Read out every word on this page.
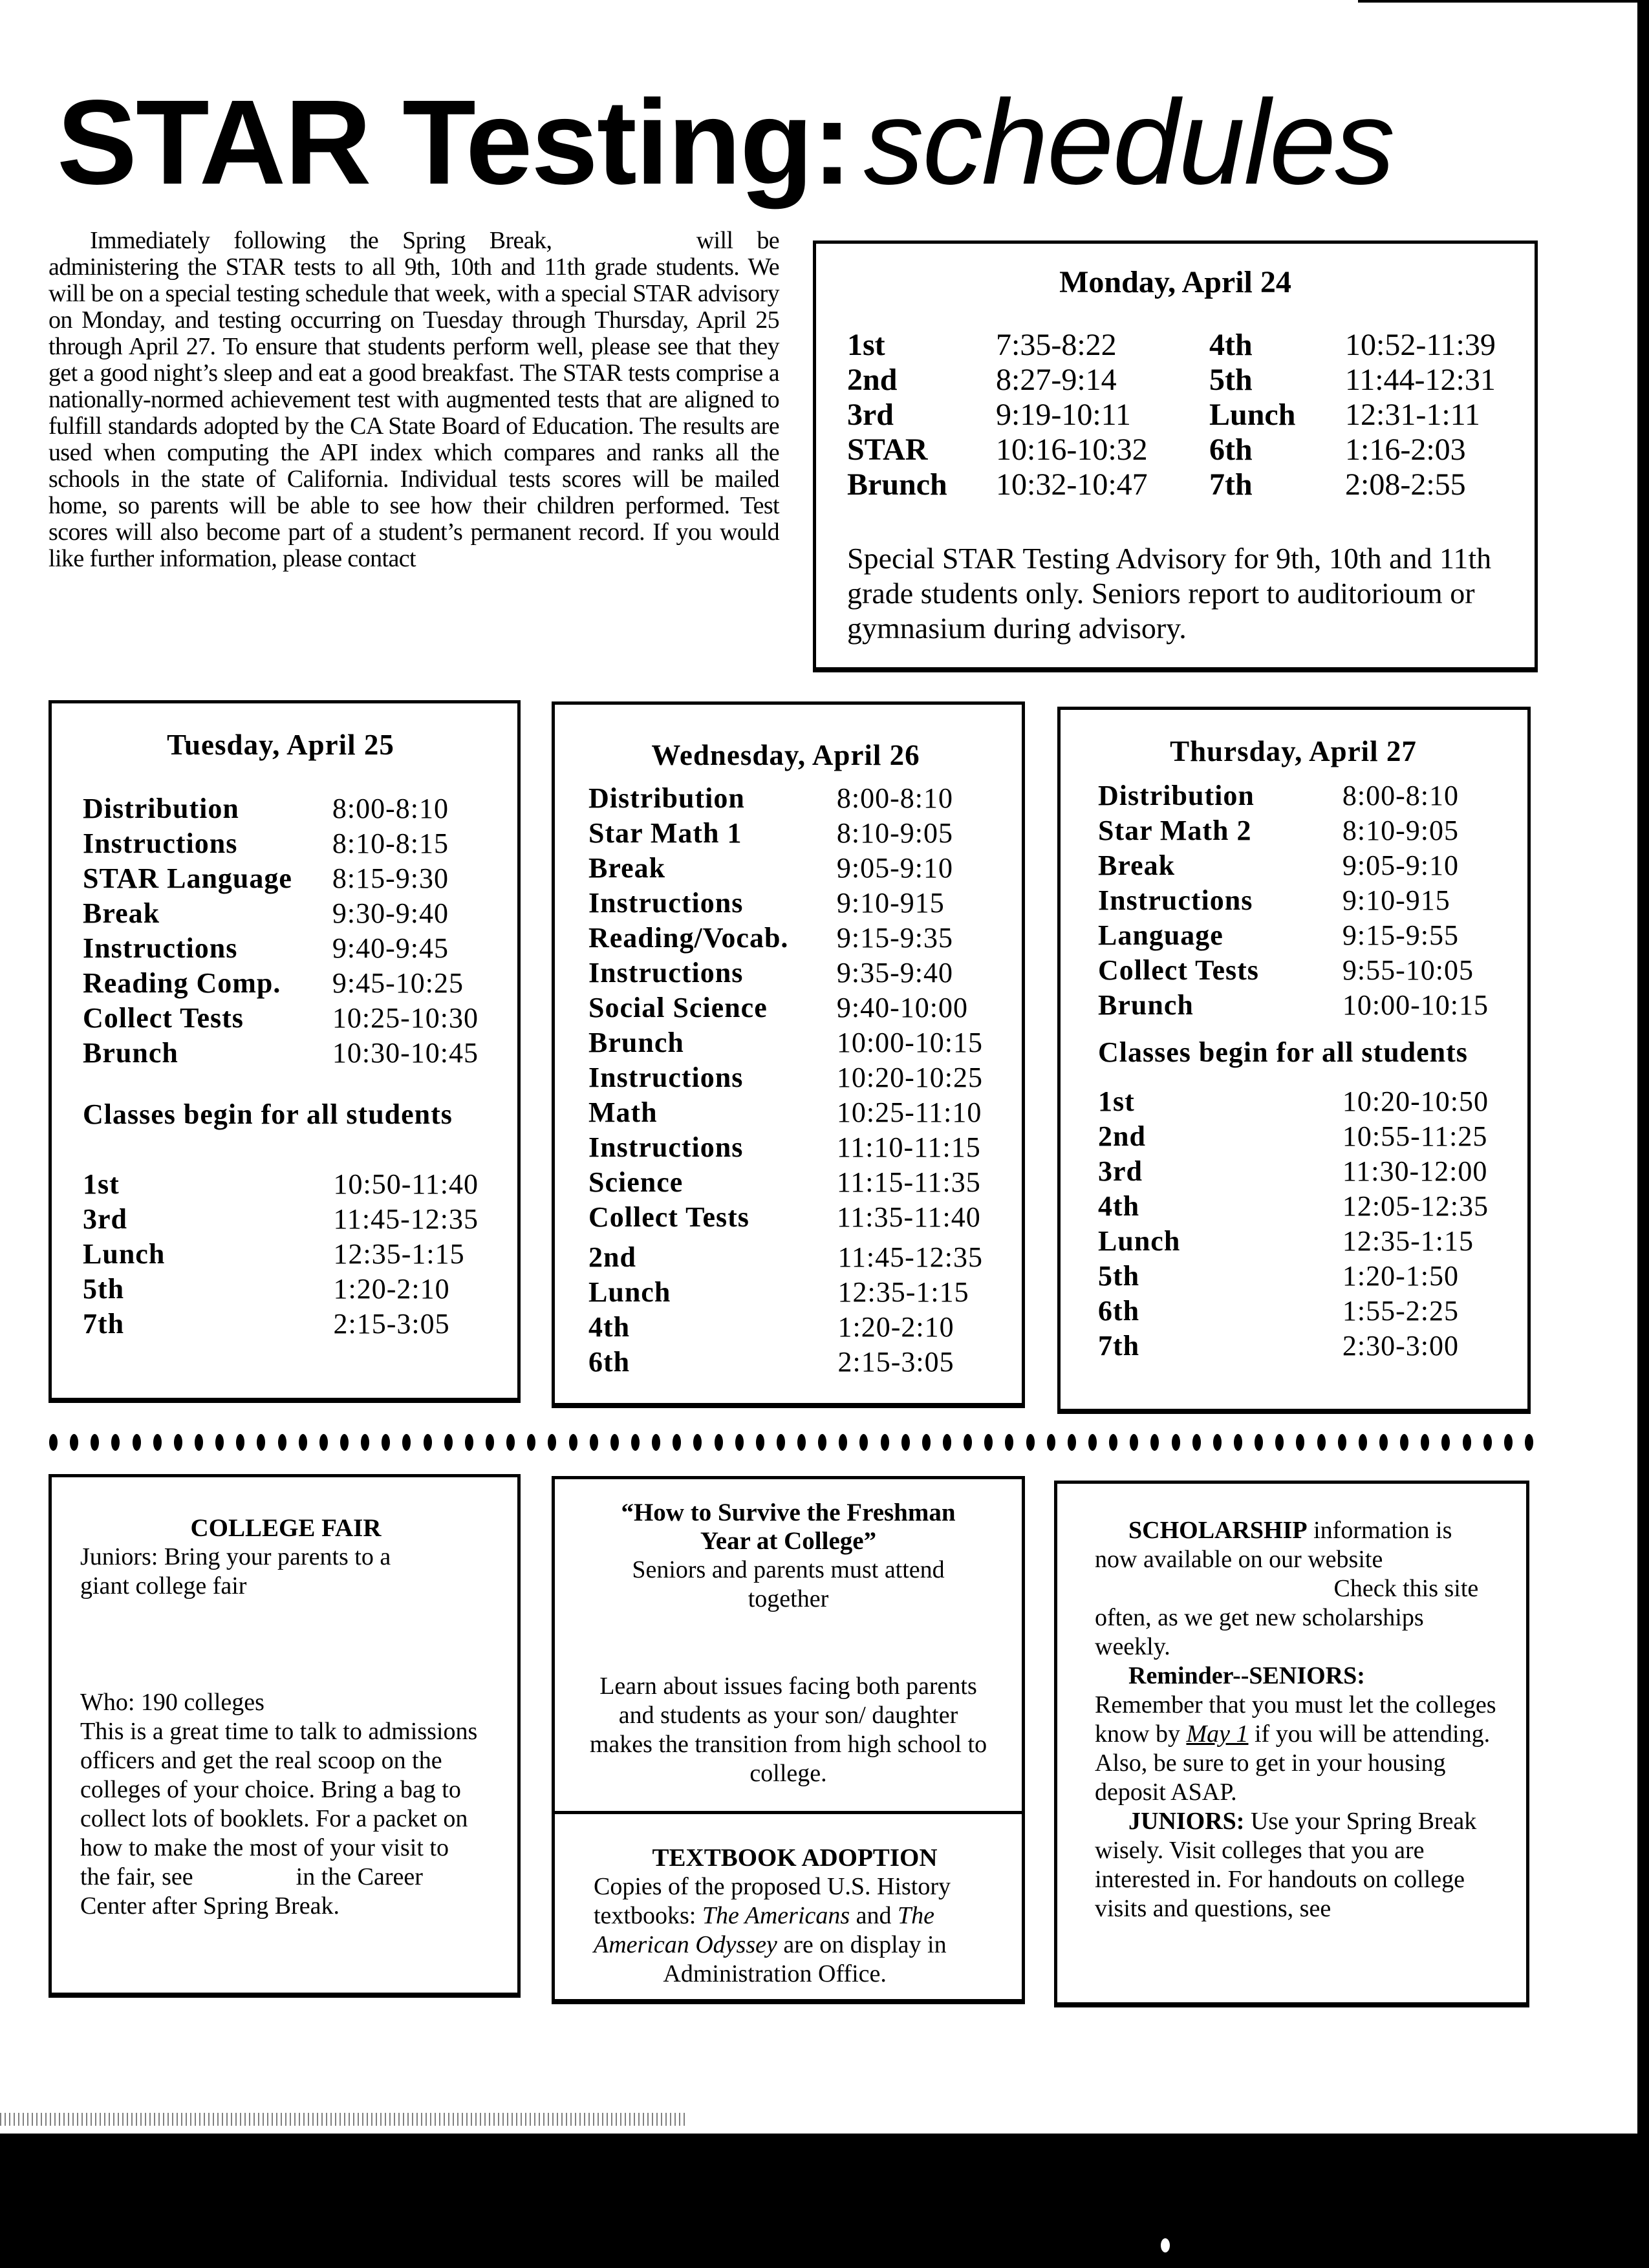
STAR Testing: schedules

Immediately following the Spring Break,      will be administering the STAR tests to all 9th, 10th and 11th grade students. We will be on a special testing schedule that week, with a special STAR advisory on Monday, and testing occurring on Tuesday through Thursday, April 25 through April 27. To ensure that students perform well, please see that they get a good night’s sleep and eat a good breakfast. The STAR tests comprise a nationally-normed achievement test with augmented tests that are aligned to fulfill standards adopted by the CA State Board of Education. The results are used when computing the API index which compares and ranks all the schools in the state of California. Individual tests scores will be mailed home, so parents will be able to see how their children performed. Test scores will also become part of a student’s permanent record. If you would like further information, please contact

Monday, April 24
1st	7:35-8:22	4th	10:52-11:39
2nd	8:27-9:14	5th	11:44-12:31
3rd	9:19-10:11	Lunch	12:31-1:11
STAR	10:16-10:32	6th	1:16-2:03
Brunch	10:32-10:47	7th	2:08-2:55
Special STAR Testing Advisory for 9th, 10th and 11th grade students only. Seniors report to auditorioum or gymnasium during advisory.
Tuesday, April 25
Distribution	8:00-8:10
Instructions	8:10-8:15
STAR Language	8:15-9:30
Break	9:30-9:40
Instructions	9:40-9:45
Reading Comp.	9:45-10:25
Collect Tests	10:25-10:30
Brunch	10:30-10:45
Classes begin for all students
1st	10:50-11:40
3rd	11:45-12:35
Lunch	12:35-1:15
5th	1:20-2:10
7th	2:15-3:05
Wednesday, April 26
Distribution	8:00-8:10
Star Math 1	8:10-9:05
Break	9:05-9:10
Instructions	9:10-915
Reading/Vocab.	9:15-9:35
Instructions	9:35-9:40
Social Science	9:40-10:00
Brunch	10:00-10:15
Instructions	10:20-10:25
Math	10:25-11:10
Instructions	11:10-11:15
Science	11:15-11:35
Collect Tests	11:35-11:40
2nd	11:45-12:35
Lunch	12:35-1:15
4th	1:20-2:10
6th	2:15-3:05
Thursday, April 27
Distribution	8:00-8:10
Star Math 2	8:10-9:05
Break	9:05-9:10
Instructions	9:10-915
Language	9:15-9:55
Collect Tests	9:55-10:05
Brunch	10:00-10:15
Classes begin for all students
1st	10:20-10:50
2nd	10:55-11:25
3rd	11:30-12:00
4th	12:05-12:35
Lunch	12:35-1:15
5th	1:20-1:50
6th	1:55-2:25
7th	2:30-3:00
COLLEGE FAIR
Juniors: Bring your parents to a giant college fair
Who: 190 colleges
This is a great time to talk to admissions officers and get the real scoop on the colleges of your choice. Bring a bag to collect lots of booklets. For a packet on how to make the most of your visit to the fair, see	in the Career Center after Spring Break.
“How to Survive the Freshman Year at College”
Seniors and parents must attend together
Learn about issues facing both parents and students as your son/ daughter makes the transition from high school to college.
TEXTBOOK ADOPTION
Copies of the proposed U.S. History textbooks: The Americans and The American Odyssey are on display in  Administration Office.

SCHOLARSHIP information is now available on our website Check this site often, as we get new scholarships weekly.

Reminder--SENIORS:

Remember that you must let the colleges know by May 1 if you will be attending. Also, be sure to get in your housing deposit ASAP.

JUNIORS: Use your Spring Break wisely. Visit colleges that you are interested in. For handouts on college visits and questions, see
